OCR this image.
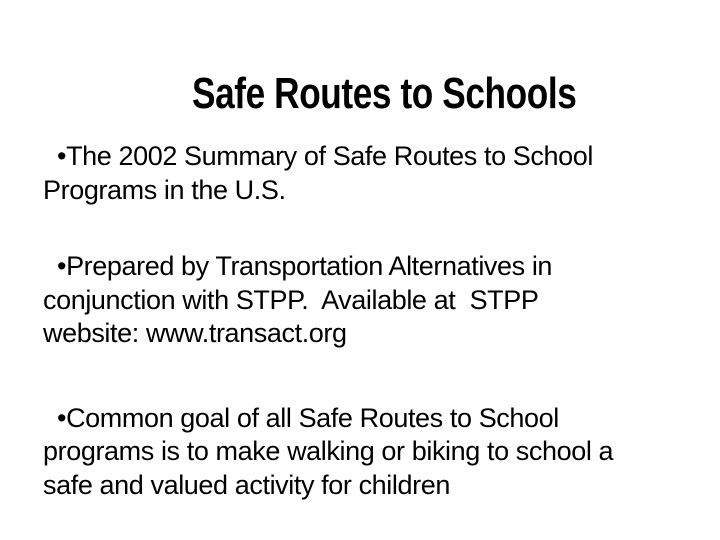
Safe Routes to Schools

•The 2002 Summary of Safe Routes to School
Programs in the U.S.
•Prepared by Transportation Alternatives in
conjunction with STPP.  Available at  STPP
website: www.transact.org
•Common goal of all Safe Routes to School
programs is to make walking or biking to school a
safe and valued activity for children
